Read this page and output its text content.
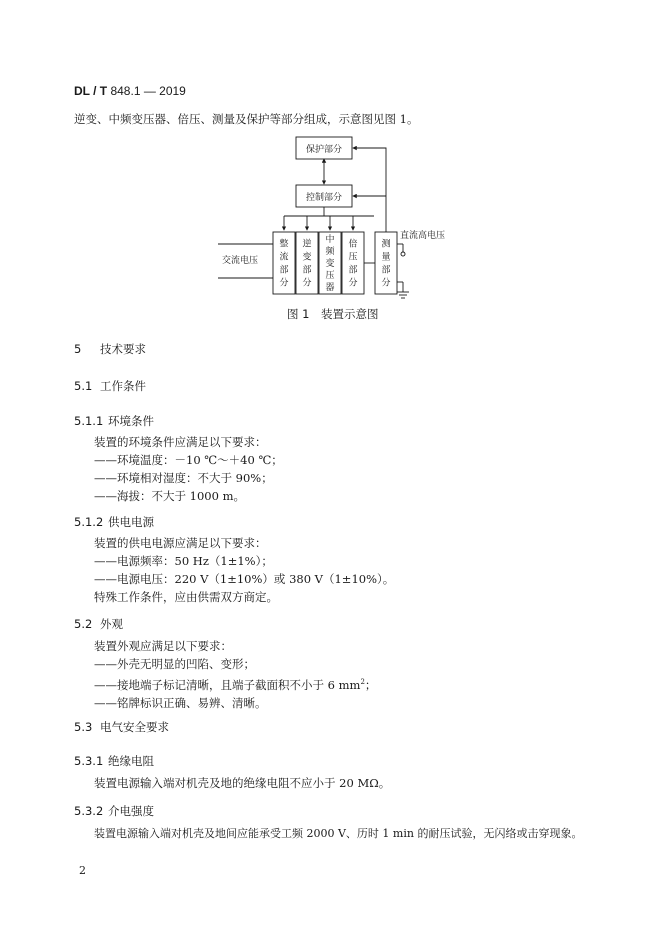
DL / T 848.1 — 2019
逆变、中频变压器、倍压、测量及保护等部分组成，示意图见图 1。
保护部分
控制部分
交流电压
直流高电压
整
流
部
分
逆
变
部
分
中
频
变
压
器
倍
压
部
分
测
量
部
分
图 1　装置示意图
5 技术要求
5.1 工作条件
5.1.1 环境条件
装置的环境条件应满足以下要求：
——环境温度：－10 ℃～＋40 ℃；
——环境相对湿度：不大于 90%；
——海拔：不大于 1000 m。
5.1.2 供电电源
装置的供电电源应满足以下要求：
——电源频率：50 Hz（1±1%）；
——电源电压：220 V（1±10%）或 380 V（1±10%）。
特殊工作条件，应由供需双方商定。
5.2 外观
装置外观应满足以下要求：
——外壳无明显的凹陷、变形；
——接地端子标记清晰，且端子截面积不小于 6 $mm^2$；
——铭牌标识正确、易辨、清晰。
5.3 电气安全要求
5.3.1 绝缘电阻
装置电源输入端对机壳及地的绝缘电阻不应小于 20 MΩ。
5.3.2 介电强度
装置电源输入端对机壳及地间应能承受工频 2000 V、历时 1 min 的耐压试验，无闪络或击穿现象。
2
